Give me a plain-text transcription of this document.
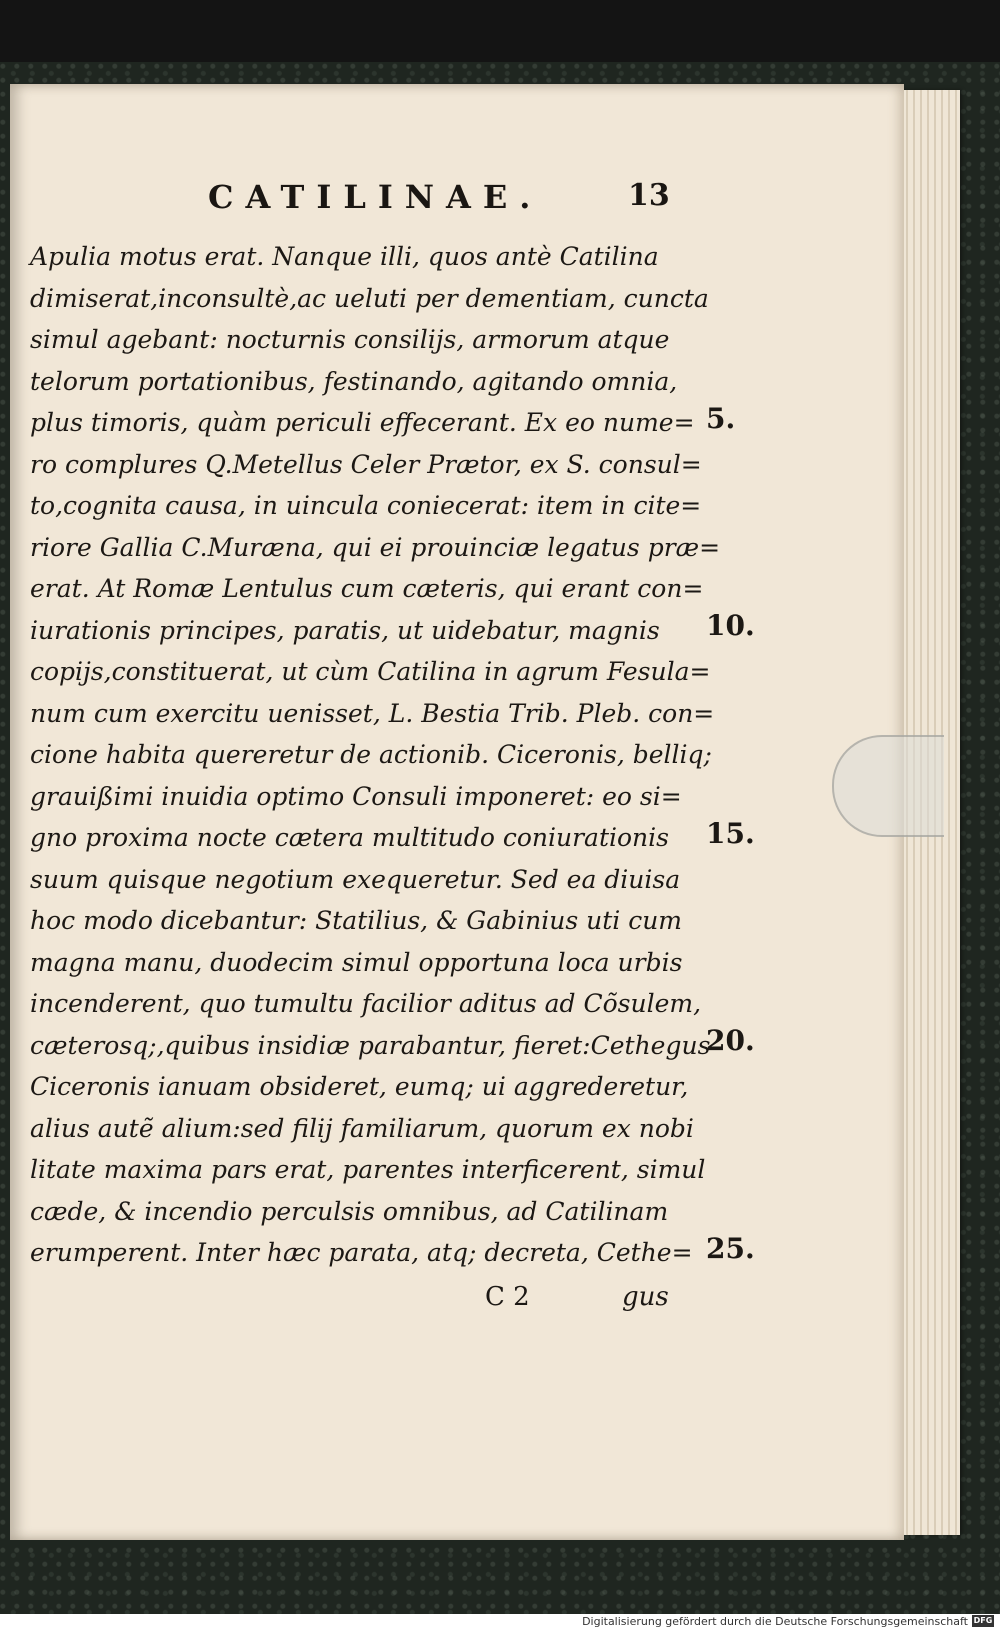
CATILINAE.	13
Apulia motus erat. Nanque illi, quos antè Catilina
dimiserat,inconsultè,ac ueluti per dementiam, cuncta
simul agebant: nocturnis consilijs, armorum atque
telorum portationibus, festinando, agitando omnia,
plus timoris, quàm periculi effecerant. Ex eo nume=
ro complures Q.Metellus Celer Prætor, ex S. consul=
to,cognita causa, in uincula coniecerat: item in cite=
riore Gallia C.Muræna, qui ei prouinciæ legatus præ=
erat. At Romæ Lentulus cum cæteris, qui erant con=
iurationis principes, paratis, ut uidebatur, magnis
copijs,constituerat, ut cùm Catilina in agrum Fesula=
num cum exercitu uenisset, L. Bestia Trib. Pleb. con=
cione habita quereretur de actionib. Ciceronis, belliq;
grauißimi inuidia optimo Consuli imponeret: eo si=
gno proxima nocte cætera multitudo coniurationis
suum quisque negotium exequeretur. Sed ea diuisa
hoc modo dicebantur: Statilius, & Gabinius uti cum
magna manu, duodecim simul opportuna loca urbis
incenderent, quo tumultu facilior aditus ad Cõsulem,
cæterosq;,quibus insidiæ parabantur, fieret:Cethegus
Ciceronis ianuam obsideret, eumq; ui aggrederetur,
alius autẽ alium:sed filij familiarum, quorum ex nobi
litate maxima pars erat, parentes interficerent, simul
cæde, & incendio perculsis omnibus, ad Catilinam
erumperent. Inter hæc parata, atq; decreta, Cethe=
5.
10.
15.
20.
25.
C 2	gus
Digitalisierung gefördert durch die Deutsche Forschungsgemeinschaft DFG
